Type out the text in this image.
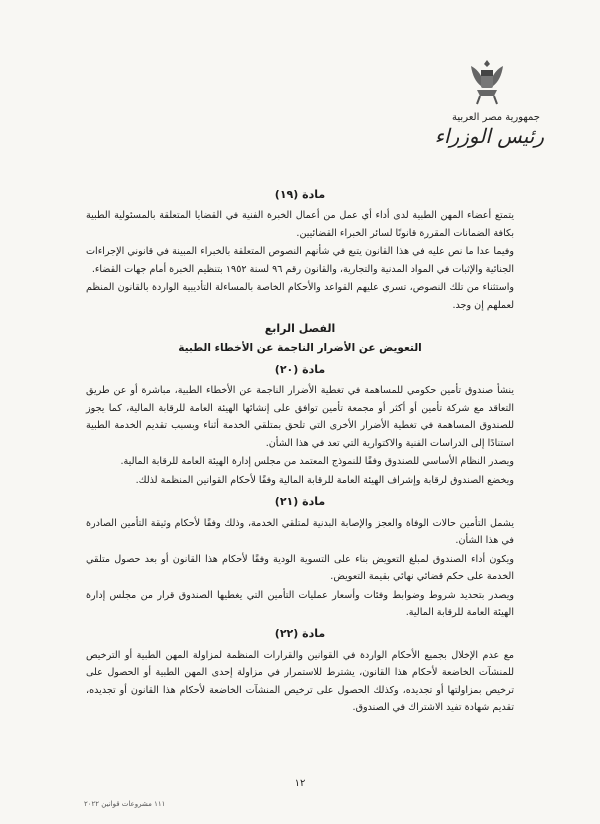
جمهورية مصر العربية
رئيس الوزراء
مادة (١٩)

يتمتع أعضاء المهن الطبية لدى أداء أي عمل من أعمال الخبرة الفنية في القضايا المتعلقة بالمسئولية الطبية بكافة الضمانات المقررة قانونًا لسائر الخبراء القضائيين.

وفيما عدا ما نص عليه في هذا القانون يتبع في شأنهم النصوص المتعلقة بالخبراء المبينة في قانوني الإجراءات الجنائية والإثبات في المواد المدنية والتجارية، والقانون رقم ٩٦ لسنة ١٩٥٢ بتنظيم الخبرة أمام جهات القضاء.

واستثناء من تلك النصوص، تسري عليهم القواعد والأحكام الخاصة بالمساءلة التأديبية الواردة بالقانون المنظم لعملهم إن وجد.

الفصل الرابع
التعويض عن الأضرار الناجمة عن الأخطاء الطبية
مادة (٢٠)

ينشأ صندوق تأمين حكومي للمساهمة في تغطية الأضرار الناجمة عن الأخطاء الطبية، مباشرة أو عن طريق التعاقد مع شركة تأمين أو أكثر أو مجمعة تأمين توافق على إنشائها الهيئة العامة للرقابة المالية، كما يجوز للصندوق المساهمة في تغطية الأضرار الأخرى التي تلحق بمتلقي الخدمة أثناء وبسبب تقديم الخدمة الطبية استنادًا إلى الدراسات الفنية والاكتوارية التي تعد في هذا الشأن.

ويصدر النظام الأساسي للصندوق وفقًا للنموذج المعتمد من مجلس إدارة الهيئة العامة للرقابة المالية.

ويخضع الصندوق لرقابة وإشراف الهيئة العامة للرقابة المالية وفقًا لأحكام القوانين المنظمة لذلك.

مادة (٢١)

يشمل التأمين حالات الوفاة والعجز والإصابة البدنية لمتلقي الخدمة، وذلك وفقًا لأحكام وثيقة التأمين الصادرة في هذا الشأن.

ويكون أداء الصندوق لمبلغ التعويض بناء على التسوية الودية وفقًا لأحكام هذا القانون أو بعد حصول متلقي الخدمة على حكم قضائي نهائي بقيمة التعويض.

ويصدر بتحديد شروط وضوابط وفئات وأسعار عمليات التأمين التي يغطيها الصندوق قرار من مجلس إدارة الهيئة العامة للرقابة المالية.

مادة (٢٢)

مع عدم الإخلال بجميع الأحكام الواردة في القوانين والقرارات المنظمة لمزاولة المهن الطبية أو الترخيص للمنشآت الخاضعة لأحكام هذا القانون، يشترط للاستمرار في مزاولة إحدى المهن الطبية أو الحصول على ترخيص بمزاولتها أو تجديده، وكذلك الحصول على ترخيص المنشآت الخاضعة لأحكام هذا القانون أو تجديده، تقديم شهادة تفيد الاشتراك في الصندوق.

١٢
١١١ مشروعات قوانين ٢٠٢٢
